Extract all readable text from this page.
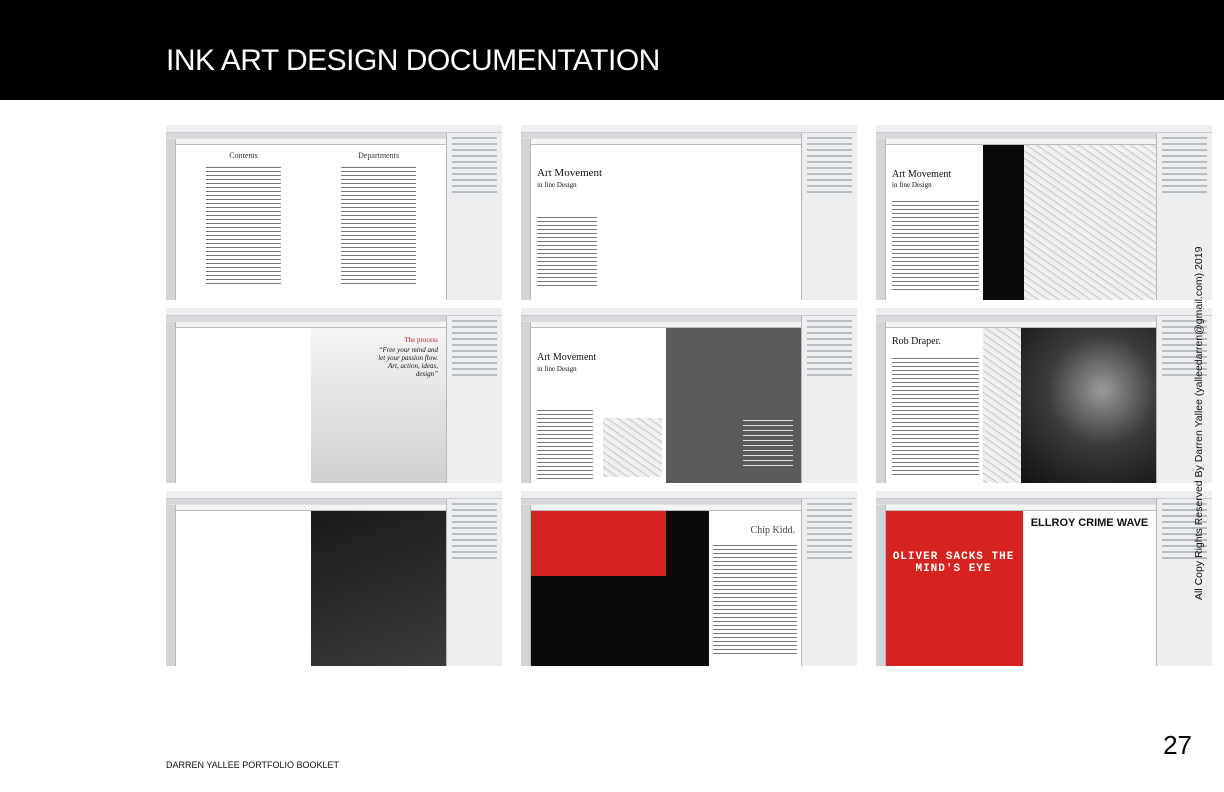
INK ART DESIGN DOCUMENTATION
Contents	Departments
Art Movement
in fine Design
Art Movement
in fine Design
The process
“Free your mind and let your passion flow. Art, action, ideas, design”
Art Movement
in fine Design
Rob Draper.
Chip Kidd.
OLIVER SACKS THE MIND'S EYE
ELLROY CRIME WAVE	All Copy Rights Reserved By Darren Yallee (yalleedarren@gmail.com) 2019
DARREN YALLEE PORTFOLIO BOOKLET
27
